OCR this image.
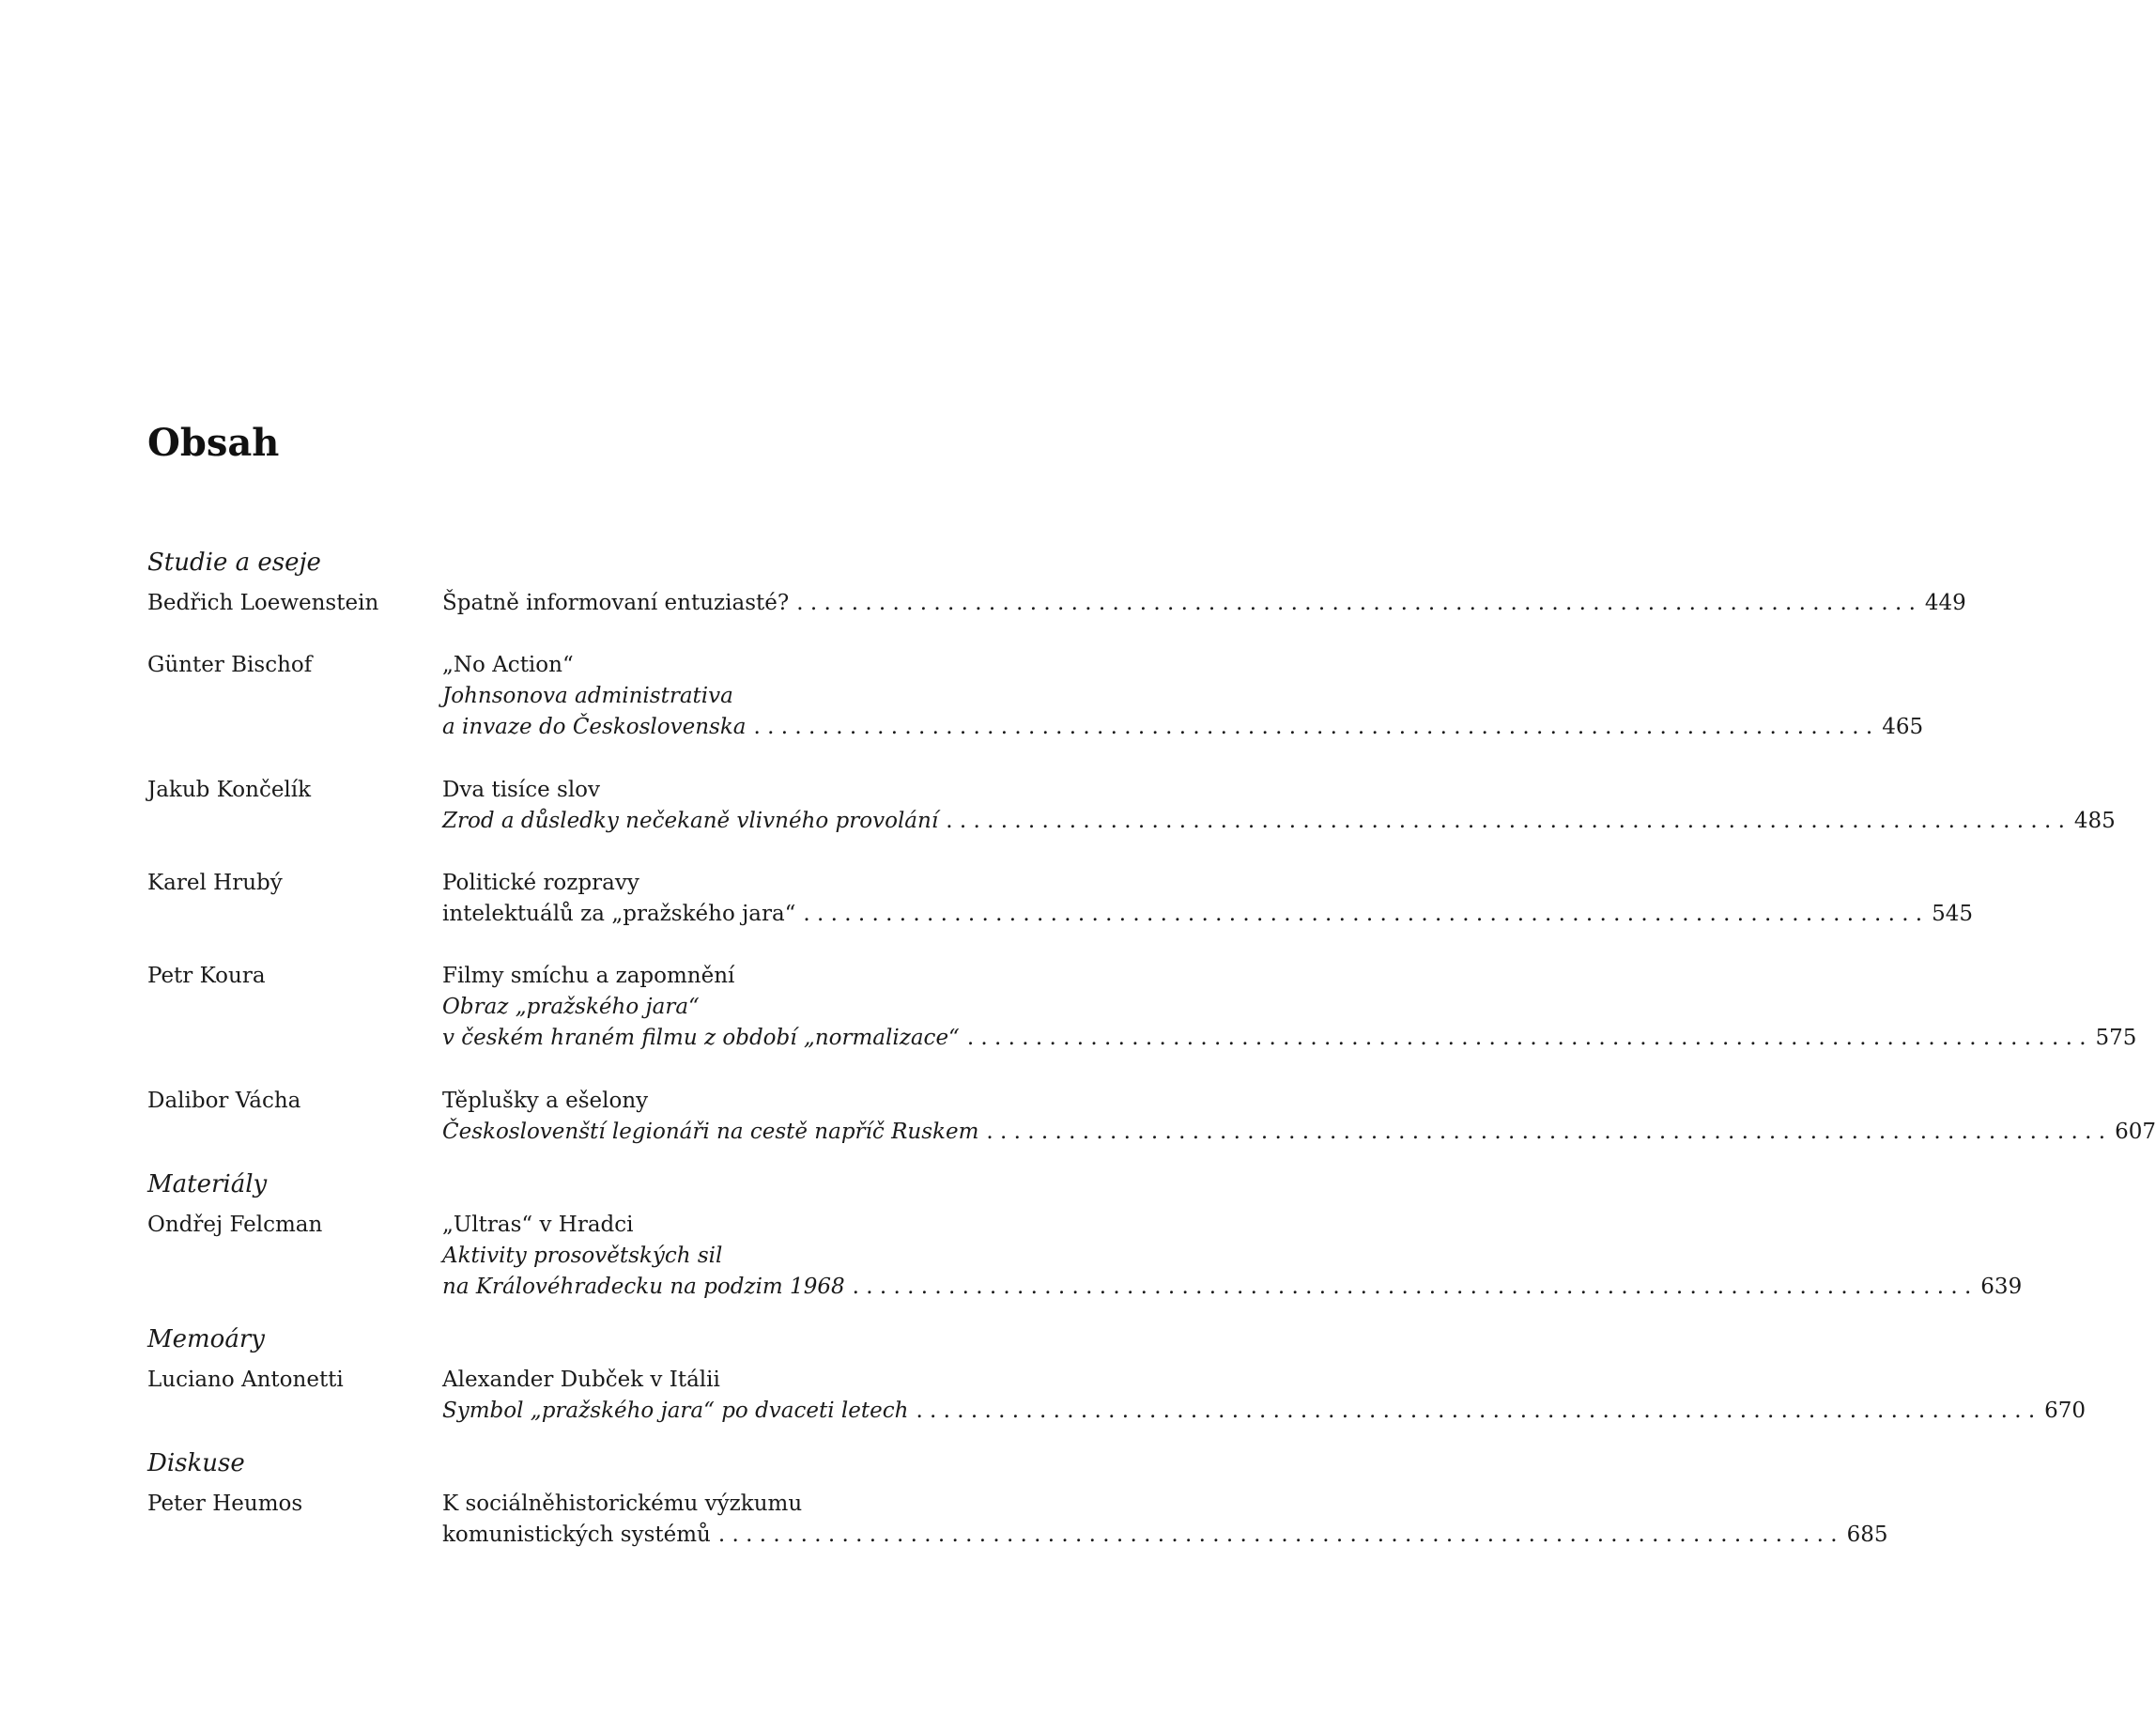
Obsah
Studie a eseje
Bedřich Loewenstein	Špatně informovaní entuziasté? . . .	449
Günter Bischof	„No Action“
Johnsonova administrativa
a invaze do Československa . . .	465
Jakub Končelík	Dva tisíce slov
Zrod a důsledky nečekaně vlivného provolání . . .	485
Karel Hrubý	Politické rozpravy
intelektuálů za „pražského jara“ . . .	545
Petr Koura	Filmy smíchu a zapomnění
Obraz „pražského jara“
v českém hraném filmu z období „normalizace“ . . .	575
Dalibor Vácha	Těplušky a ešelony
Českoslovenští legionáři na cestě napříč Ruskem . . .	607
Materiály
Ondřej Felcman	„Ultras“ v Hradci
Aktivity prosovětských sil
na Královéhradecku na podzim 1968 . . .	639
Memoáry
Luciano Antonetti	Alexander Dubček v Itálii
Symbol „pražského jara“ po dvaceti letech . . .	670
Diskuse
Peter Heumos	K sociálněhistorickému výzkumu
komunistických systémů . . .	685
